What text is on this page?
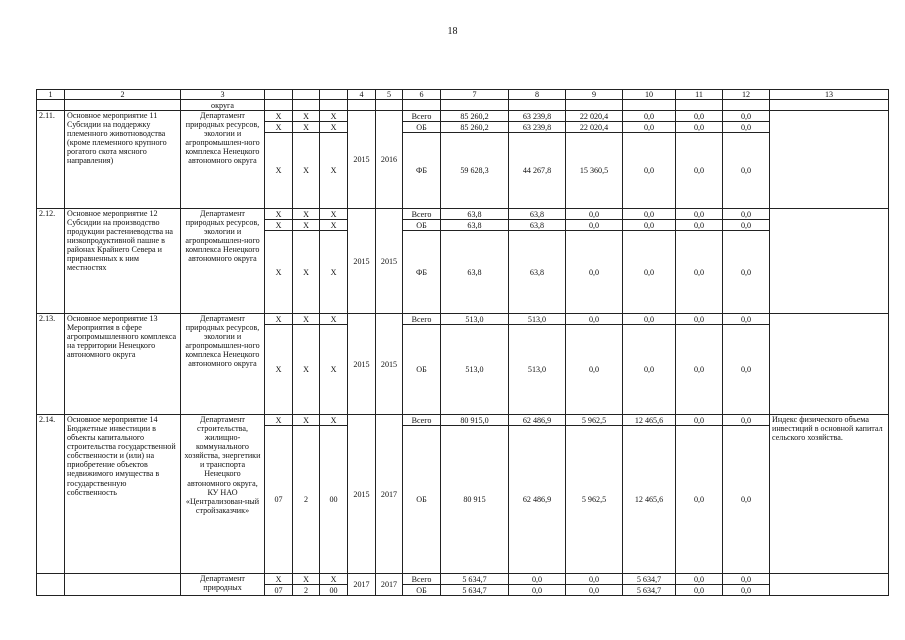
18
1	2	3				4	5	6	7	8	9	10	11	12	13
		округа													
2.11.	Основное мероприятие 11 Субсидии на поддержку племенного животноводства (кроме племенного крупного рогатого скота мясного направления)	Департамент природных ресурсов, экологии и агропромышлен-ного комплекса Ненецкого автономного округа	X	X	X	2015	2016	Всего	85 260,2	63 239,8	22 020,4	0,0	0,0	0,0	
			X	X	X			ОБ	85 260,2	63 239,8	22 020,4	0,0	0,0	0,0	
			X	X	X			ФБ	59 628,3	44 267,8	15 360,5	0,0	0,0	0,0	
2.12.	Основное мероприятие 12 Субсидии на производство продукции растениеводства на низкопродуктивной пашне в районах Крайнего Севера и приравненных к ним местностях	Департамент природных ресурсов, экологии и агропромышлен-ного комплекса Ненецкого автономного округа	X	X	X	2015	2015	Всего	63,8	63,8	0,0	0,0	0,0	0,0	
			X	X	X			ОБ	63,8	63,8	0,0	0,0	0,0	0,0	
			X	X	X			ФБ	63,8	63,8	0,0	0,0	0,0	0,0	
2.13.	Основное мероприятие 13 Мероприятия в сфере агропромышленного комплекса на территории Ненецкого автономного округа	Департамент природных ресурсов, экологии и агропромышлен-ного комплекса Ненецкого автономного округа	X	X	X	2015	2015	Всего	513,0	513,0	0,0	0,0	0,0	0,0	
			X	X	X			ОБ	513,0	513,0	0,0	0,0	0,0	0,0	
2.14.	Основное мероприятие 14 Бюджетные инвестиции в объекты капитального строительства государственной собственности и (или) на приобретение объектов недвижимого имущества в государственную собственность	Департамент строительства, жилищно-коммунального хозяйства, энергетики и транспорта Ненецкого автономного округа, КУ НАО «Централизован-ный стройзаказчик»	X	X	X	2015	2017	Всего	80 915,0	62 486,9	5 962,5	12 465,6	0,0	0,0	Индекс физического объема инвестиций в основной капитал сельского хозяйства.
			07	2	00			ОБ	80 915	62 486,9	5 962,5	12 465,6	0,0	0,0	
		Департамент природных	X	X	X	2017	2017	Всего	5 634,7	0,0	0,0	5 634,7	0,0	0,0	
			07	2	00			ОБ	5 634,7	0,0	0,0	5 634,7	0,0	0,0	
